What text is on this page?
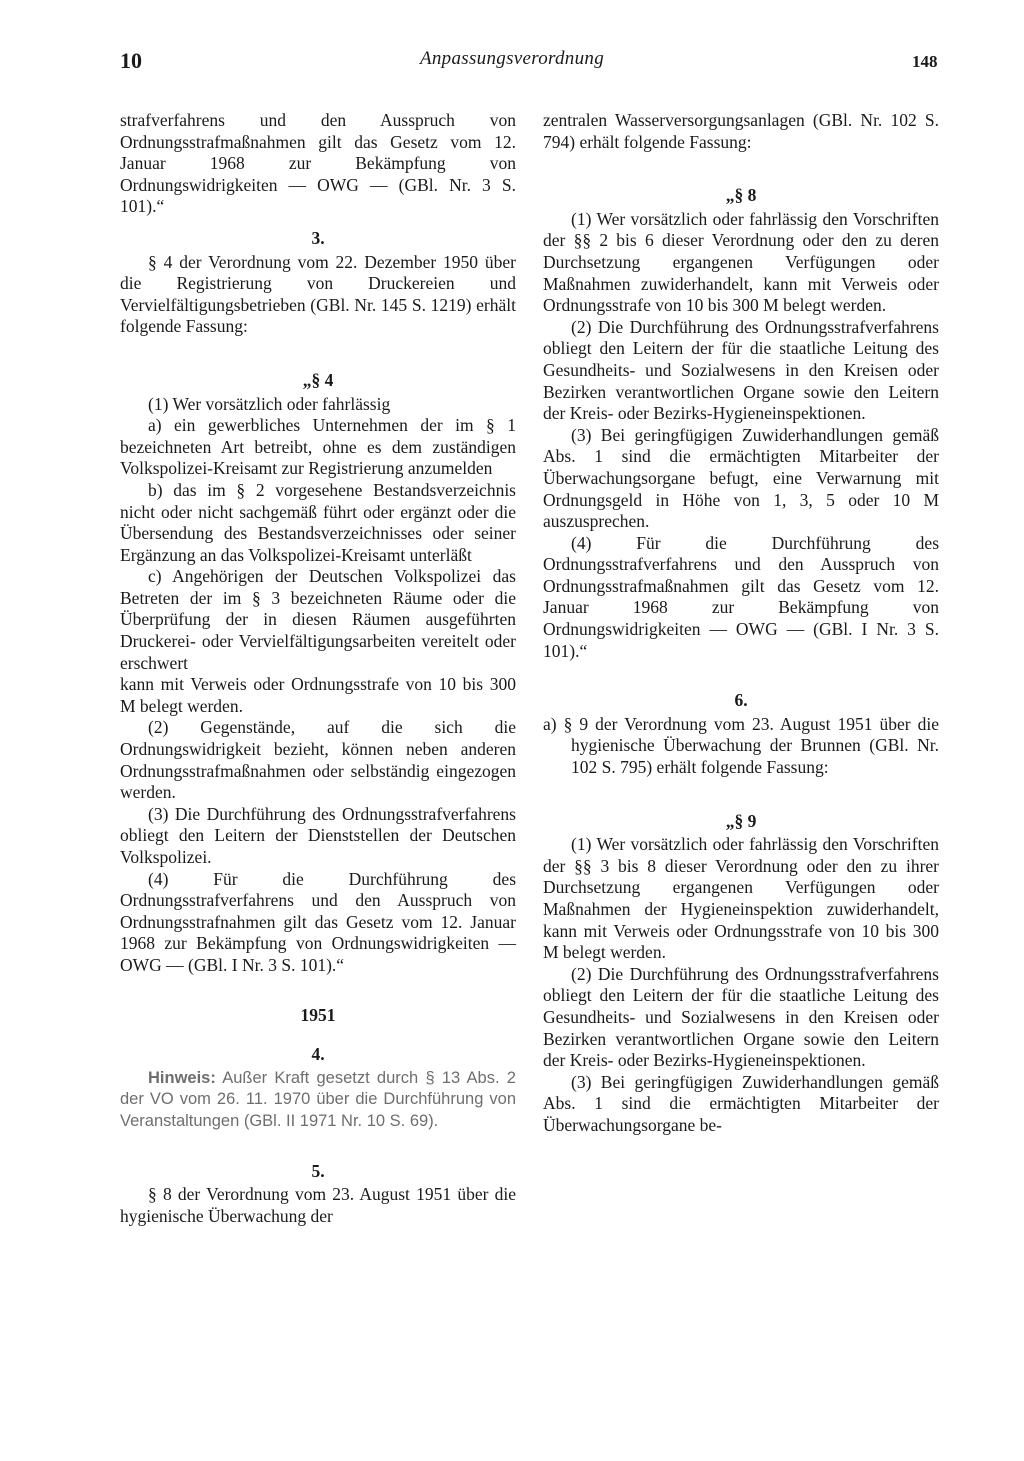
10	Anpassungsverordnung	148

strafverfahrens und den Ausspruch von Ordnungsstrafmaßnahmen gilt das Gesetz vom 12. Januar 1968 zur Bekämpfung von Ordnungswidrigkeiten — OWG — (GBl. Nr. 3 S. 101).“

3.

§ 4 der Verordnung vom 22. Dezember 1950 über die Registrierung von Druckereien und Vervielfältigungsbetrieben (GBl. Nr. 145 S. 1219) erhält folgende Fassung:

„§ 4

(1) Wer vorsätzlich oder fahrlässig

a) ein gewerbliches Unternehmen der im § 1 bezeichneten Art betreibt, ohne es dem zuständigen Volkspolizei-Kreisamt zur Registrierung anzumelden

b) das im § 2 vorgesehene Bestandsverzeichnis nicht oder nicht sachgemäß führt oder ergänzt oder die Übersendung des Bestandsverzeichnisses oder seiner Ergänzung an das Volkspolizei-Kreisamt unterläßt

c) Angehörigen der Deutschen Volkspolizei das Betreten der im § 3 bezeichneten Räume oder die Überprüfung der in diesen Räumen ausgeführten Druckerei- oder Vervielfältigungsarbeiten vereitelt oder erschwert

kann mit Verweis oder Ordnungsstrafe von 10 bis 300 M belegt werden.

(2) Gegenstände, auf die sich die Ordnungswidrigkeit bezieht, können neben anderen Ordnungsstrafmaßnahmen oder selbständig eingezogen werden.

(3) Die Durchführung des Ordnungsstrafverfahrens obliegt den Leitern der Dienststellen der Deutschen Volkspolizei.

(4) Für die Durchführung des Ordnungsstrafverfahrens und den Ausspruch von Ordnungsstrafnahmen gilt das Gesetz vom 12. Januar 1968 zur Bekämpfung von Ordnungswidrigkeiten — OWG — (GBl. I Nr. 3 S. 101).“

1951

4.

Hinweis: Außer Kraft gesetzt durch § 13 Abs. 2 der VO vom 26. 11. 1970 über die Durchführung von Veranstaltungen (GBl. II 1971 Nr. 10 S. 69).

5.

§ 8 der Verordnung vom 23. August 1951 über die hygienische Überwachung der

zentralen Wasserversorgungsanlagen (GBl. Nr. 102 S. 794) erhält folgende Fassung:

„§ 8

(1) Wer vorsätzlich oder fahrlässig den Vorschriften der §§ 2 bis 6 dieser Verordnung oder den zu deren Durchsetzung ergangenen Verfügungen oder Maßnahmen zuwiderhandelt, kann mit Verweis oder Ordnungsstrafe von 10 bis 300 M belegt werden.

(2) Die Durchführung des Ordnungsstrafverfahrens obliegt den Leitern der für die staatliche Leitung des Gesundheits- und Sozialwesens in den Kreisen oder Bezirken verantwortlichen Organe sowie den Leitern der Kreis- oder Bezirks-Hygieneinspektionen.

(3) Bei geringfügigen Zuwiderhandlungen gemäß Abs. 1 sind die ermächtigten Mitarbeiter der Überwachungsorgane befugt, eine Verwarnung mit Ordnungsgeld in Höhe von 1, 3, 5 oder 10 M auszusprechen.

(4) Für die Durchführung des Ordnungsstrafverfahrens und den Ausspruch von Ordnungsstrafmaßnahmen gilt das Gesetz vom 12. Januar 1968 zur Bekämpfung von Ordnungswidrigkeiten — OWG — (GBl. I Nr. 3 S. 101).“

6.

a) § 9 der Verordnung vom 23. August 1951 über die hygienische Überwachung der Brunnen (GBl. Nr. 102 S. 795) erhält folgende Fassung:

„§ 9

(1) Wer vorsätzlich oder fahrlässig den Vorschriften der §§ 3 bis 8 dieser Verordnung oder den zu ihrer Durchsetzung ergangenen Verfügungen oder Maßnahmen der Hygieneinspektion zuwiderhandelt, kann mit Verweis oder Ordnungsstrafe von 10 bis 300 M belegt werden.

(2) Die Durchführung des Ordnungsstrafverfahrens obliegt den Leitern der für die staatliche Leitung des Gesundheits- und Sozialwesens in den Kreisen oder Bezirken verantwortlichen Organe sowie den Leitern der Kreis- oder Bezirks-Hygieneinspektionen.

(3) Bei geringfügigen Zuwiderhandlungen gemäß Abs. 1 sind die ermächtigten Mitarbeiter der Überwachungsorgane be-
